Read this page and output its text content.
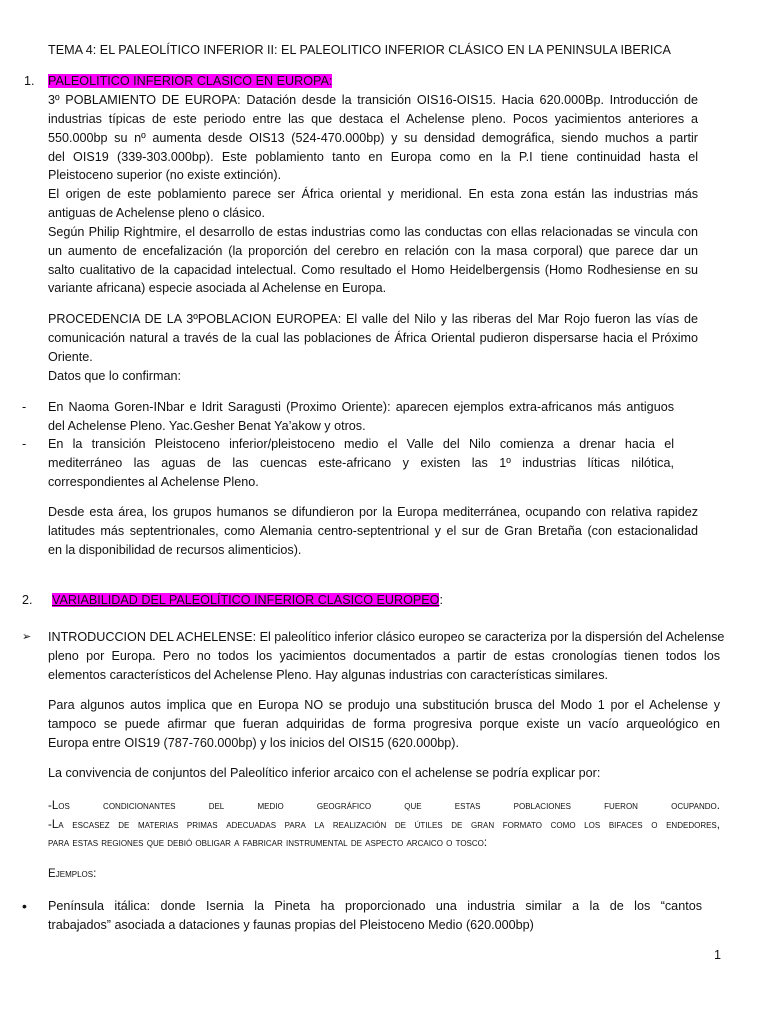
TEMA 4: EL PALEOLÍTICO INFERIOR II: EL PALEOLITICO INFERIOR CLÁSICO EN LA PENINSULA IBERICA
1. PALEOLITICO INFERIOR CLASICO EN EUROPA:
3º POBLAMIENTO DE EUROPA: Datación desde la transición OIS16-OIS15. Hacia 620.000Bp. Introducción de
industrias típicas de este periodo entre las que destaca el Achelense pleno. Pocos yacimientos anteriores a
550.000bp su nº aumenta desde OIS13 (524-470.000bp) y su densidad demográfica, siendo muchos a partir
del OIS19 (339-303.000bp). Este poblamiento tanto en Europa como en la P.I tiene continuidad hasta el
Pleistoceno superior (no existe extinción).
El origen de este poblamiento parece ser África oriental y meridional. En esta zona están las industrias más
antiguas de Achelense pleno o clásico.
Según Philip Rightmire, el desarrollo de estas industrias como las conductas con ellas relacionadas se vincula con
un aumento de encefalización (la proporción del cerebro en relación con la masa corporal) que parece dar un
salto cualitativo de la capacidad intelectual. Como resultado el Homo Heidelbergensis (Homo Rodhesiense en su
variante africana) especie asociada al Achelense en Europa.
PROCEDENCIA DE LA 3ºPOBLACION EUROPEA: El valle del Nilo y las riberas del Mar Rojo fueron las vías de
comunicación natural a través de la cual las poblaciones de África Oriental pudieron dispersarse hacia el Próximo
Oriente.
Datos que lo confirman:
- En Naoma Goren-INbar e Idrit Saragusti (Proximo Oriente): aparecen ejemplos extra-africanos más antiguos
del Achelense Pleno. Yac.Gesher Benat Ya’akow y otros.
- En la transición Pleistoceno inferior/pleistoceno medio el Valle del Nilo comienza a drenar hacia el
mediterráneo las aguas de las cuencas este-africano y existen las 1º industrias líticas nilótica,
correspondientes al Achelense Pleno.
Desde esta área, los grupos humanos se difundieron por la Europa mediterránea, ocupando con relativa rapidez
latitudes más septentrionales, como Alemania centro-septentrional y el sur de Gran Bretaña (con estacionalidad
en la disponibilidad de recursos alimenticios).
2. VARIABILIDAD DEL PALEOLÍTICO INFERIOR CLASICO EUROPEO:
➢ INTRODUCCION DEL ACHELENSE: El paleolítico inferior clásico europeo se caracteriza por la dispersión del Achelense
pleno por Europa. Pero no todos los yacimientos documentados a partir de estas cronologías tienen todos los
elementos característicos del Achelense Pleno. Hay algunas industrias con características similares.
Para algunos autos implica que en Europa NO se produjo una substitución brusca del Modo 1 por el Achelense y
tampoco se puede afirmar que fueran adquiridas de forma progresiva porque existe un vacío arqueológico en
Europa entre OIS19 (787-760.000bp) y los inicios del OIS15 (620.000bp).
La convivencia de conjuntos del Paleolítico inferior arcaico con el achelense se podría explicar por:
-Los condicionantes del medio geográfico que estas poblaciones fueron ocupando.
-La escasez de materias primas adecuadas para la realización de útiles de gran formato como los bifaces o endedores,
para estas regiones que debió obligar a fabricar instrumental de aspecto arcaico o tosco:
Ejemplos:
• Península itálica: donde Isernia la Pineta ha proporcionado una industria similar a la de los “cantos
trabajados” asociada a dataciones y faunas propias del Pleistoceno Medio (620.000bp)
1
